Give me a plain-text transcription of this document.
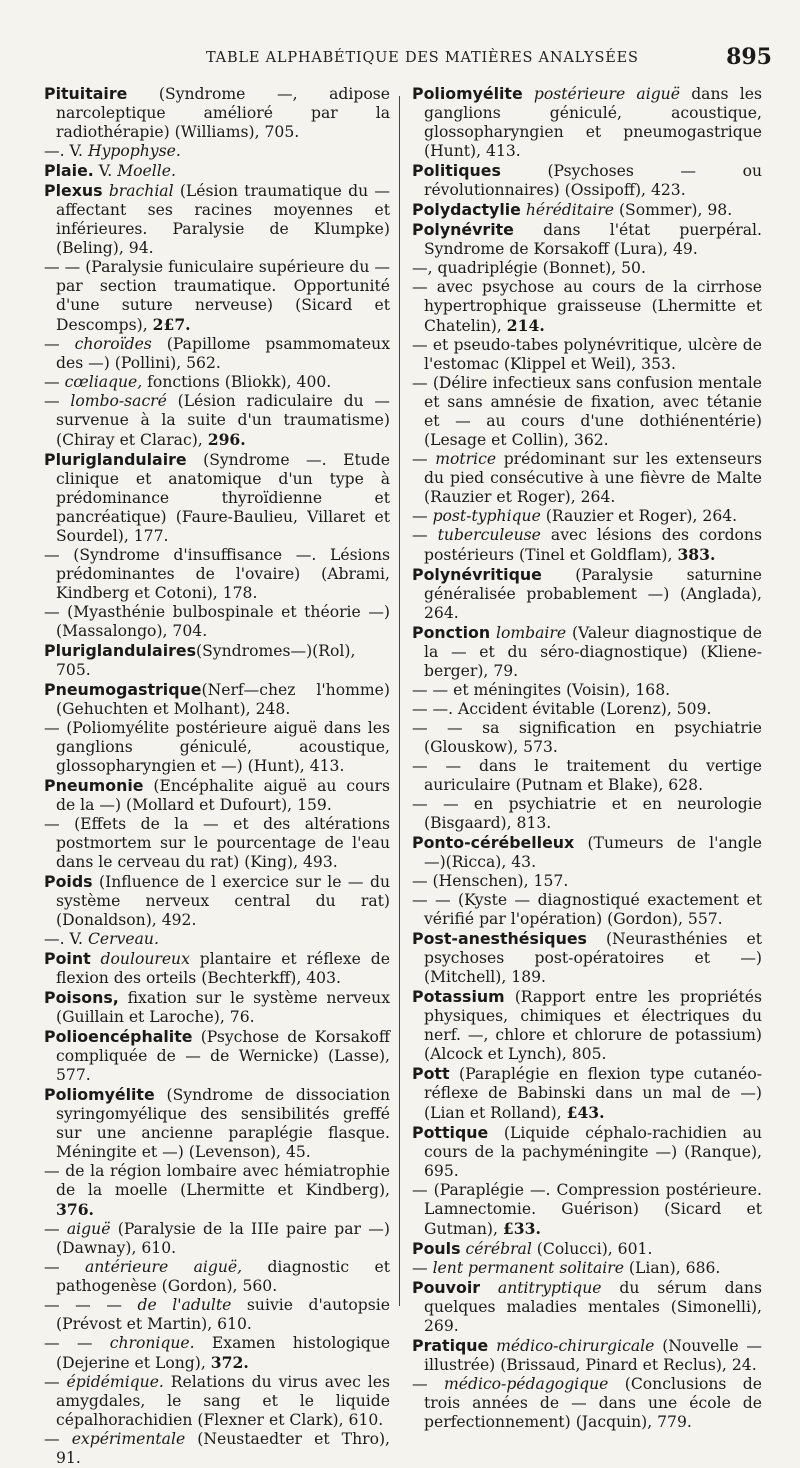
TABLE ALPHABÉTIQUE DES MATIÈRES ANALYSÉES	895
Pituitaire (Syndrome —, adipose narcoleptique amélioré par la radiothérapie) (Williams), 705.
—. V. Hypophyse.
Plaie. V. Moelle.
Plexus brachial (Lésion traumatique du — affectant ses racines moyennes et inférieures. Paralysie de Klumpke) (Beling), 94.
— — (Paralysie funiculaire supérieure du — par section traumatique. Opportunité d'une suture nerveuse) (Sicard et Descomps), 2£7.
— choroïdes (Papillome psammomateux des —) (Pollini), 562.
— cœliaque, fonctions (Bliokk), 400.
— lombo-sacré (Lésion radiculaire du — survenue à la suite d'un traumatisme) (Chiray et Clarac), 296.
Pluriglandulaire (Syndrome —. Etude clinique et anatomique d'un type à prédominance thyroïdienne et pancréatique) (Faure-Baulieu, Villaret et Sourdel), 177.
— (Syndrome d'insuffisance —. Lésions prédominantes de l'ovaire) (Abrami, Kindberg et Cotoni), 178.
— (Myasthénie bulbospinale et théorie —) (Massalongo), 704.
Pluriglandulaires(Syndromes—)(Rol), 705.
Pneumogastrique(Nerf—chez l'homme) (Gehuchten et Molhant), 248.
— (Poliomyélite postérieure aiguë dans les ganglions géniculé, acoustique, glossopharyngien et —) (Hunt), 413.
Pneumonie (Encéphalite aiguë au cours de la —) (Mollard et Dufourt), 159.
— (Effets de la — et des altérations postmortem sur le pourcentage de l'eau dans le cerveau du rat) (King), 493.
Poids (Influence de l exercice sur le — du système nerveux central du rat) (Donaldson), 492.
—. V. Cerveau.
Point douloureux plantaire et réflexe de flexion des orteils (Bechterkff), 403.
Poisons, fixation sur le système nerveux (Guillain et Laroche), 76.
Polioencéphalite (Psychose de Korsakoff compliquée de — de Wernicke) (Lasse), 577.
Poliomyélite (Syndrome de dissociation syringomyélique des sensibilités greffé sur une ancienne paraplégie flasque. Méningite et —) (Levenson), 45.
— de la région lombaire avec hémiatrophie de la moelle (Lhermitte et Kindberg), 376.
— aiguë (Paralysie de la IIIe paire par —) (Dawnay), 610.
— antérieure aiguë, diagnostic et pathogenèse (Gordon), 560.
— — — de l'adulte suivie d'autopsie (Prévost et Martin), 610.
— — chronique. Examen histologique (Dejerine et Long), 372.
— épidémique. Relations du virus avec les amygdales, le sang et le liquide cépalhorachidien (Flexner et Clark), 610.
— expérimentale (Neustaedter et Thro), 91.
Poliomyélite postérieure aiguë dans les ganglions géniculé, acoustique, glossopharyngien et pneumogastrique (Hunt), 413.
Politiques (Psychoses — ou révolutionnaires) (Ossipoff), 423.
Polydactylie héréditaire (Sommer), 98.
Polynévrite dans l'état puerpéral. Syndrome de Korsakoff (Lura), 49.
—, quadriplégie (Bonnet), 50.
— avec psychose au cours de la cirrhose hypertrophique graisseuse (Lhermitte et Chatelin), 214.
— et pseudo-tabes polynévritique, ulcère de l'estomac (Klippel et Weil), 353.
— (Délire infectieux sans confusion mentale et sans amnésie de fixation, avec tétanie et — au cours d'une dothiénentérie) (Lesage et Collin), 362.
— motrice prédominant sur les extenseurs du pied consécutive à une fièvre de Malte (Rauzier et Roger), 264.
— post-typhique (Rauzier et Roger), 264.
— tuberculeuse avec lésions des cordons postérieurs (Tinel et Goldflam), 383.
Polynévritique (Paralysie saturnine généralisée probablement —) (Anglada), 264.
Ponction lombaire (Valeur diagnostique de la — et du séro-diagnostique) (Klieneberger), 79.
— — et méningites (Voisin), 168.
— —. Accident évitable (Lorenz), 509.
— — sa signification en psychiatrie (Glouskow), 573.
— — dans le traitement du vertige auriculaire (Putnam et Blake), 628.
— — en psychiatrie et en neurologie (Bisgaard), 813.
Ponto-cérébelleux (Tumeurs de l'angle —)(Ricca), 43.
— (Henschen), 157.
— — (Kyste — diagnostiqué exactement et vérifié par l'opération) (Gordon), 557.
Post-anesthésiques (Neurasthénies et psychoses post-opératoires et —) (Mitchell), 189.
Potassium (Rapport entre les propriétés physiques, chimiques et électriques du nerf. —, chlore et chlorure de potassium) (Alcock et Lynch), 805.
Pott (Paraplégie en flexion type cutanéo-réflexe de Babinski dans un mal de —) (Lian et Rolland), £43.
Pottique (Liquide céphalo-rachidien au cours de la pachyméningite —) (Ranque), 695.
— (Paraplégie —. Compression postérieure. Lamnectomie. Guérison) (Sicard et Gutman), £33.
Pouls cérébral (Colucci), 601.
— lent permanent solitaire (Lian), 686.
Pouvoir antitryptique du sérum dans quelques maladies mentales (Simonelli), 269.
Pratique médico-chirurgicale (Nouvelle — illustrée) (Brissaud, Pinard et Reclus), 24.
— médico-pédagogique (Conclusions de trois années de — dans une école de perfectionnement) (Jacquin), 779.
